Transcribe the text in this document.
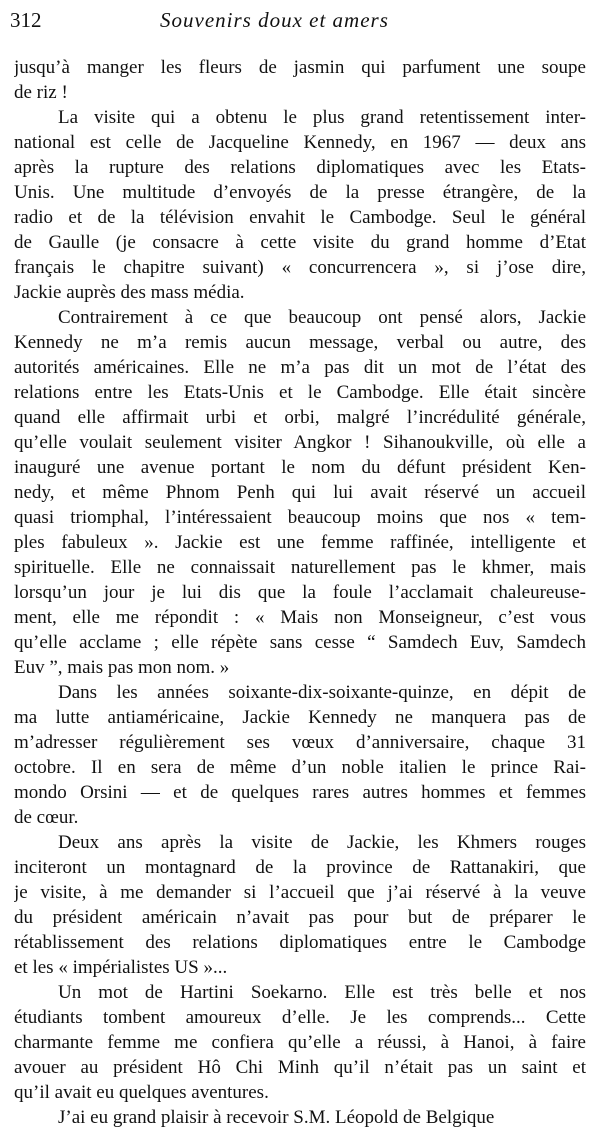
312	Souvenirs doux et amers
jusqu’à manger les fleurs de jasmin qui parfument une soupe
de riz !
La visite qui a obtenu le plus grand retentissement inter-
national est celle de Jacqueline Kennedy, en 1967 — deux ans
après la rupture des relations diplomatiques avec les Etats-
Unis. Une multitude d’envoyés de la presse étrangère, de la
radio et de la télévision envahit le Cambodge. Seul le général
de Gaulle (je consacre à cette visite du grand homme d’Etat
français le chapitre suivant) « concurrencera », si j’ose dire,
Jackie auprès des mass média.
Contrairement à ce que beaucoup ont pensé alors, Jackie
Kennedy ne m’a remis aucun message, verbal ou autre, des
autorités américaines. Elle ne m’a pas dit un mot de l’état des
relations entre les Etats-Unis et le Cambodge. Elle était sincère
quand elle affirmait urbi et orbi, malgré l’incrédulité générale,
qu’elle voulait seulement visiter Angkor ! Sihanoukville, où elle a
inauguré une avenue portant le nom du défunt président Ken-
nedy, et même Phnom Penh qui lui avait réservé un accueil
quasi triomphal, l’intéressaient beaucoup moins que nos « tem-
ples fabuleux ». Jackie est une femme raffinée, intelligente et
spirituelle. Elle ne connaissait naturellement pas le khmer, mais
lorsqu’un jour je lui dis que la foule l’acclamait chaleureuse-
ment, elle me répondit : « Mais non Monseigneur, c’est vous
qu’elle acclame ; elle répète sans cesse “ Samdech Euv, Samdech
Euv ”, mais pas mon nom. »
Dans les années soixante-dix-soixante-quinze, en dépit de
ma lutte antiaméricaine, Jackie Kennedy ne manquera pas de
m’adresser régulièrement ses vœux d’anniversaire, chaque 31
octobre. Il en sera de même d’un noble italien le prince Rai-
mondo Orsini — et de quelques rares autres hommes et femmes
de cœur.
Deux ans après la visite de Jackie, les Khmers rouges
inciteront un montagnard de la province de Rattanakiri, que
je visite, à me demander si l’accueil que j’ai réservé à la veuve
du président américain n’avait pas pour but de préparer le
rétablissement des relations diplomatiques entre le Cambodge
et les « impérialistes US »...
Un mot de Hartini Soekarno. Elle est très belle et nos
étudiants tombent amoureux d’elle. Je les comprends... Cette
charmante femme me confiera qu’elle a réussi, à Hanoi, à faire
avouer au président Hô Chi Minh qu’il n’était pas un saint et
qu’il avait eu quelques aventures.
J’ai eu grand plaisir à recevoir S.M. Léopold de Belgique
